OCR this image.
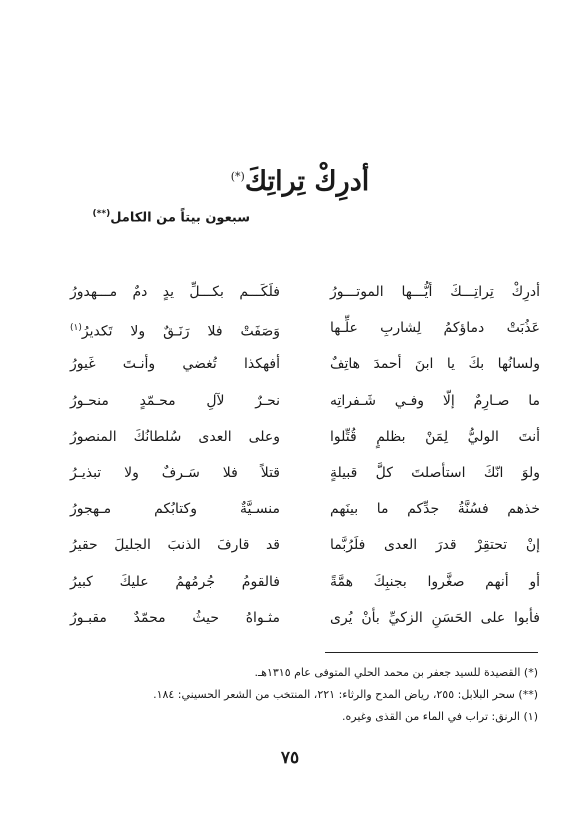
أدرِكْ تِراتِكَ(*)
سبعون بيتاً من الكامل(**)
أدرِكْ تِراتِـــكَ أيُّـــها الموتـــورُ
فلَكَـــم بكـــلِّ يدٍ دمٌ مـــهدورُ
عَذُبَتْ دماؤكمُ لِشاربِ علِّـها
وَصَفَتْ فلا رَنَـقٌ ولا تَكديرُ$^{(١)}$
ولسانُها بكَ يا ابنَ أحمدَ هاتِفٌ
أفهكذا تُغضي وأنـتَ غَيورُ
ما صـارِمٌ إلّا وفـي شَـفراتِه
نحـرٌ لآلِ محـمّدٍ منحـورُ
أنتَ الوليُّ لِمَنْ بظلمٍ قُتِّلوا
وعلى العدى سُلطانُكَ المنصورُ
ولوَ انّكَ استأصلتَ كلَّ قبيلةٍ
قتلاً فلا سَـرفٌ ولا تبذيـرُ
خذهم فسُنَّةُ جدِّكم ما بينَهم
منسـيَّةٌ وكتابُكم مـهجورُ
إنْ تحتقِرْ قدرَ العدى فلَرُبَّما
قد قارفَ الذنبَ الجليلَ حقيرُ
أو أنهم صغَّروا بجنبِكَ همَّةً
فالقومُ جُرمُهمُ عليكَ كبيرُ
فأبوا على الحَسَنِ الزكيِّ بأنْ يُرى
مثـواهُ حيثُ محمّدٌ مقبـورُ
(*) القصيدة للسيد جعفر بن محمد الحلي المتوفى عام ١٣١٥هـ.
(**) سحر البلابل: ٢٥٥، رياض المدح والرثاء: ٢٢١، المنتخب من الشعر الحسيني: ١٨٤.
(١) الرنق: تراب في الماء من القذى وغيره.
٧٥
